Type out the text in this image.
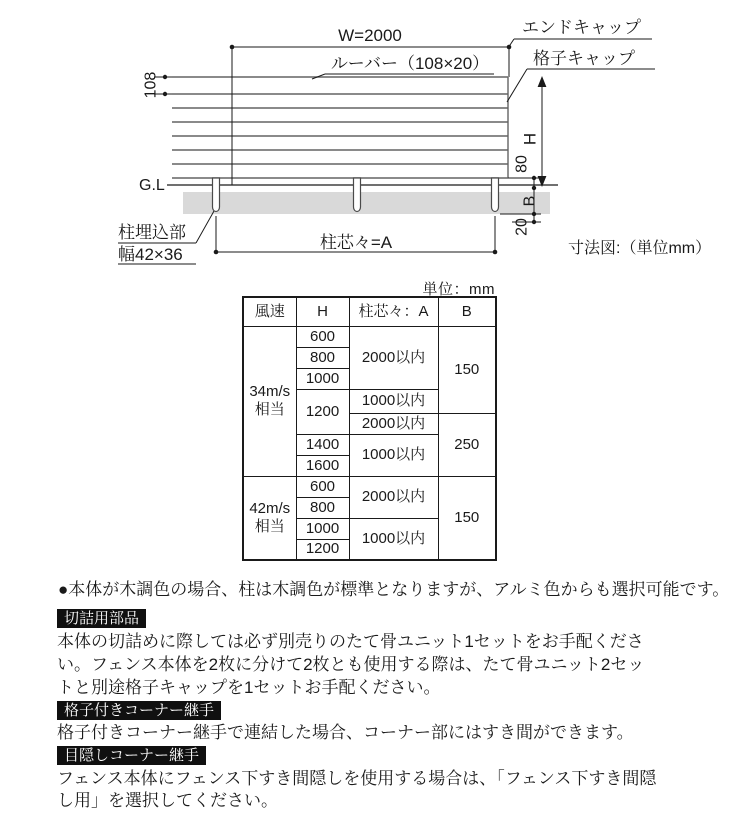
W=2000
ルーバー（108×20）
エンドキャップ
格子キャップ
108
G.L
H
80
B
20
柱埋込部
幅42×36
柱芯々=A	寸法図:（単位mm）
単位：mm
風速	H	柱芯々：A	B

34m/s
相当	600	2000以内	150
	800		
	1000		
	1200	1000以内	
		2000以内	250
	1400	1000以内	
	1600		

42m/s
相当	600	2000以内	150
	800		
	1000	1000以内	
	1200		
●本体が木調色の場合、柱は木調色が標準となりますが、アルミ色からも選択可能です。
切詰用部品
本体の切詰めに際しては必ず別売りのたて骨ユニット1セットをお手配くださ
い。フェンス本体を2枚に分けて2枚とも使用する際は、たて骨ユニット2セッ
トと別途格子キャップを1セットお手配ください。
格子付きコーナー継手
格子付きコーナー継手で連結した場合、コーナー部にはすき間ができます。
目隠しコーナー継手
フェンス本体にフェンス下すき間隠しを使用する場合は、「フェンス下すき間隠
し用」を選択してください。
